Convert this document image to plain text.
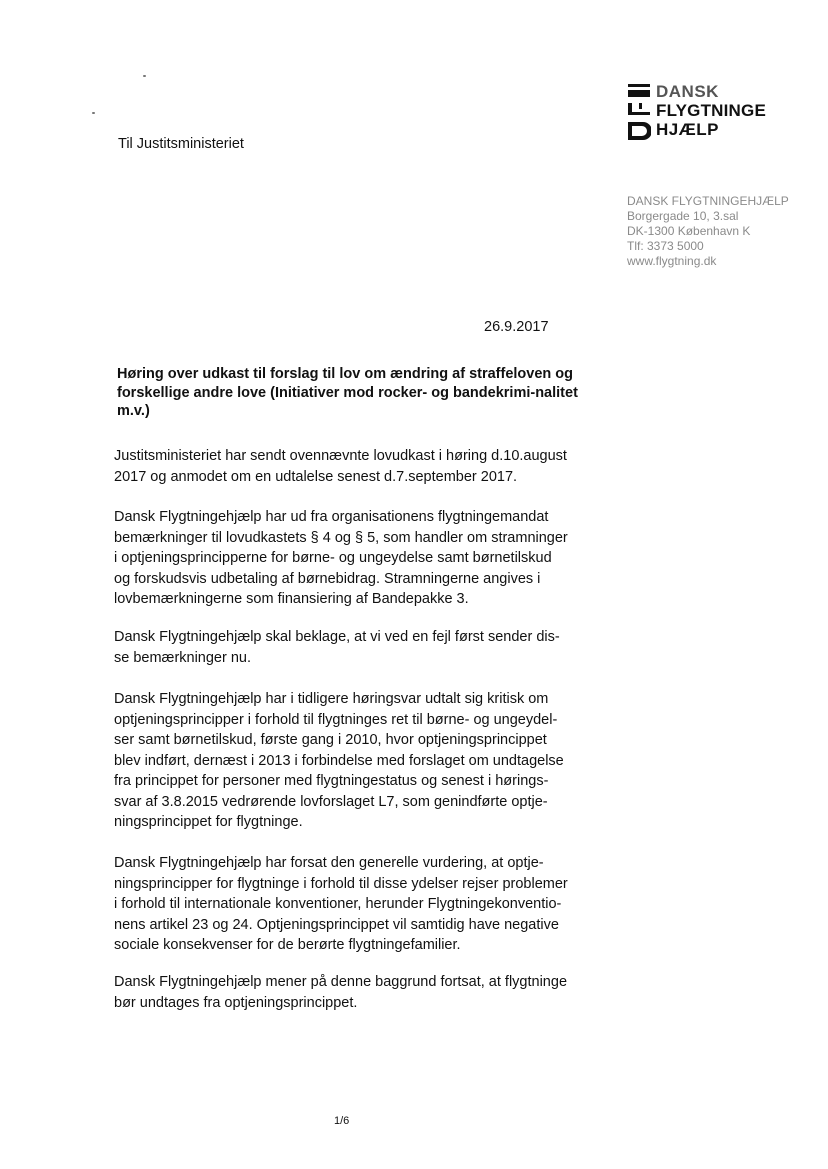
Til Justitsministeriet
DANSK
FLYGTNINGE
HJÆLP
DANSK FLYGTNINGEHJÆLP
Borgergade 10, 3.sal
DK-1300 København K
Tlf: 3373 5000
www.flygtning.dk
26.9.2017
Høring over udkast til forslag til lov om ændring af straffeloven og forskellige andre love (Initiativer mod rocker- og bandekrimi-nalitet m.v.)

Justitsministeriet har sendt ovennævnte lovudkast i høring d.10.august
2017 og anmodet om en udtalelse senest d.7.september 2017.

Dansk Flygtningehjælp har ud fra organisationens flygtningemandat
bemærkninger til lovudkastets § 4 og § 5, som handler om stramninger
i optjeningsprincipperne for børne- og ungeydelse samt børnetilskud
og forskudsvis udbetaling af børnebidrag. Stramningerne angives i
lovbemærkningerne som finansiering af Bandepakke 3.

Dansk Flygtningehjælp skal beklage, at vi ved en fejl først sender dis-
se bemærkninger nu.

Dansk Flygtningehjælp har i tidligere høringsvar udtalt sig kritisk om
optjeningsprincipper i forhold til flygtninges ret til børne- og ungeydel-
ser samt børnetilskud, første gang i 2010, hvor optjeningsprincippet
blev indført, dernæst i 2013 i forbindelse med forslaget om undtagelse
fra princippet for personer med flygtningestatus og senest i hørings-
svar af 3.8.2015 vedrørende lovforslaget L7, som genindførte optje-
ningsprincippet for flygtninge.

Dansk Flygtningehjælp har forsat den generelle vurdering, at optje-
ningsprincipper for flygtninge i forhold til disse ydelser rejser problemer
i forhold til internationale konventioner, herunder Flygtningekonventio-
nens artikel 23 og 24. Optjeningsprincippet vil samtidig have negative
sociale konsekvenser for de berørte flygtningefamilier.

Dansk Flygtningehjælp mener på denne baggrund fortsat, at flygtninge
bør undtages fra optjeningsprincippet.

1/6
